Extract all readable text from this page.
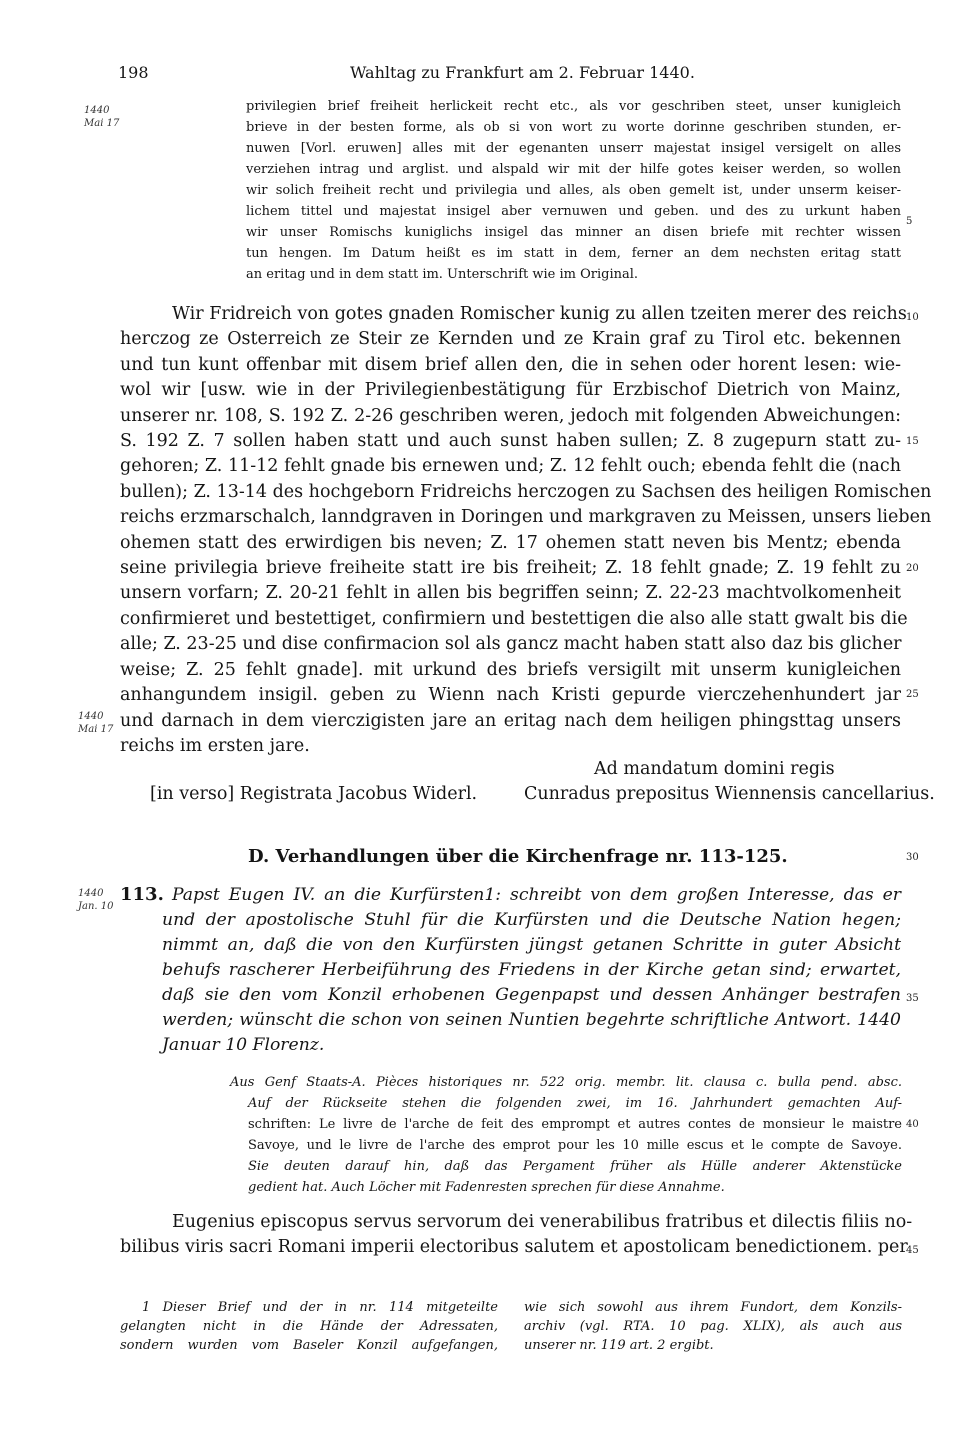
198	Wahltag zu Frankfurt am 2. Februar 1440.
1440
Mai 17
1440
Mai 17
1440
Jan. 10
5
10
15
20
25
30
35
40
45

privilegien brief freiheit herlickeit recht etc., als vor geschriben steet, unser kunigleich

brieve in der besten forme, als ob si von wort zu worte dorinne geschriben stunden, er-

nuwen [Vorl. eruwen] alles mit der egenanten unserr majestat insigel versigelt on alles

verziehen intrag und arglist. und alspald wir mit der hilfe gotes keiser werden, so wollen

wir solich freiheit recht und privilegia und alles, als oben gemelt ist, under unserm keiser-

lichem tittel und majestat insigel aber vernuwen und geben. und des zu urkunt haben

wir unser Romischs kuniglichs insigel das minner an disen briefe mit rechter wissen

tun hengen. Im Datum heißt es im statt in dem, ferner an dem nechsten eritag statt

an eritag und in dem statt im. Unterschrift wie im Original.

Wir Fridreich von gotes gnaden Romischer kunig zu allen tzeiten merer des reichs

herczog ze Osterreich ze Steir ze Kernden und ze Krain graf zu Tirol etc. bekennen

und tun kunt offenbar mit disem brief allen den, die in sehen oder horent lesen: wie-

wol wir [usw. wie in der Privilegienbestätigung für Erzbischof Dietrich von Mainz,

unserer nr. 108, S. 192 Z. 2-26 geschriben weren, jedoch mit folgenden Abweichungen:

S. 192 Z. 7 sollen haben statt und auch sunst haben sullen; Z. 8 zugepurn statt zu-

gehoren; Z. 11-12 fehlt gnade bis ernewen und; Z. 12 fehlt ouch; ebenda fehlt die (nach

bullen); Z. 13-14 des hochgeborn Fridreichs herczogen zu Sachsen des heiligen Romischen

reichs erzmarschalch, lanndgraven in Doringen und markgraven zu Meissen, unsers lieben

ohemen statt des erwirdigen bis neven; Z. 17 ohemen statt neven bis Mentz; ebenda

seine privilegia brieve freiheite statt ire bis freiheit; Z. 18 fehlt gnade; Z. 19 fehlt zu

unsern vorfarn; Z. 20-21 fehlt in allen bis begriffen seinn; Z. 22-23 machtvolkomenheit

confirmieret und bestettiget, confirmiern und bestettigen die also alle statt gwalt bis die

alle; Z. 23-25 und dise confirmacion sol als gancz macht haben statt also daz bis glicher

weise; Z. 25 fehlt gnade]. mit urkund des briefs versigilt mit unserm kunigleichen

anhangundem insigil. geben zu Wienn nach Kristi gepurde vierczehenhundert jar

und darnach in dem vierczigisten jare an eritag nach dem heiligen phingsttag unsers

reichs im ersten jare.

Ad mandatum domini regis
[in verso] Registrata Jacobus Widerl.	Cunradus prepositus Wiennensis cancellarius.
D. Verhandlungen über die Kirchenfrage nr. 113-125.
113. Papst Eugen IV. an die Kurfürsten1: schreibt von dem großen Interesse, das er

und der apostolische Stuhl für die Kurfürsten und die Deutsche Nation hegen;

nimmt an, daß die von den Kurfürsten jüngst getanen Schritte in guter Absicht

behufs rascherer Herbeiführung des Friedens in der Kirche getan sind; erwartet,

daß sie den vom Konzil erhobenen Gegenpapst und dessen Anhänger bestrafen

werden; wünscht die schon von seinen Nuntien begehrte schriftliche Antwort. 1440

Januar 10 Florenz.

Aus Genf Staats-A. Pièces historiques nr. 522 orig. membr. lit. clausa c. bulla pend. absc.

Auf der Rückseite stehen die folgenden zwei, im 16. Jahrhundert gemachten Auf-

schriften: Le livre de l'arche de feit des emprompt et autres contes de monsieur le maistre

Savoye, und le livre de l'arche des emprot pour les 10 mille escus et le compte de Savoye.

Sie deuten darauf hin, daß das Pergament früher als Hülle anderer Aktenstücke

gedient hat. Auch Löcher mit Fadenresten sprechen für diese Annahme.

Eugenius episcopus servus servorum dei venerabilibus fratribus et dilectis filiis no-

bilibus viris sacri Romani imperii electoribus salutem et apostolicam benedictionem. per

1 Dieser Brief und der in nr. 114 mitgeteilte

gelangten nicht in die Hände der Adressaten,

sondern wurden vom Baseler Konzil aufgefangen,

wie sich sowohl aus ihrem Fundort, dem Konzils-

archiv (vgl. RTA. 10 pag. XLIX), als auch aus

unserer nr. 119 art. 2 ergibt.
